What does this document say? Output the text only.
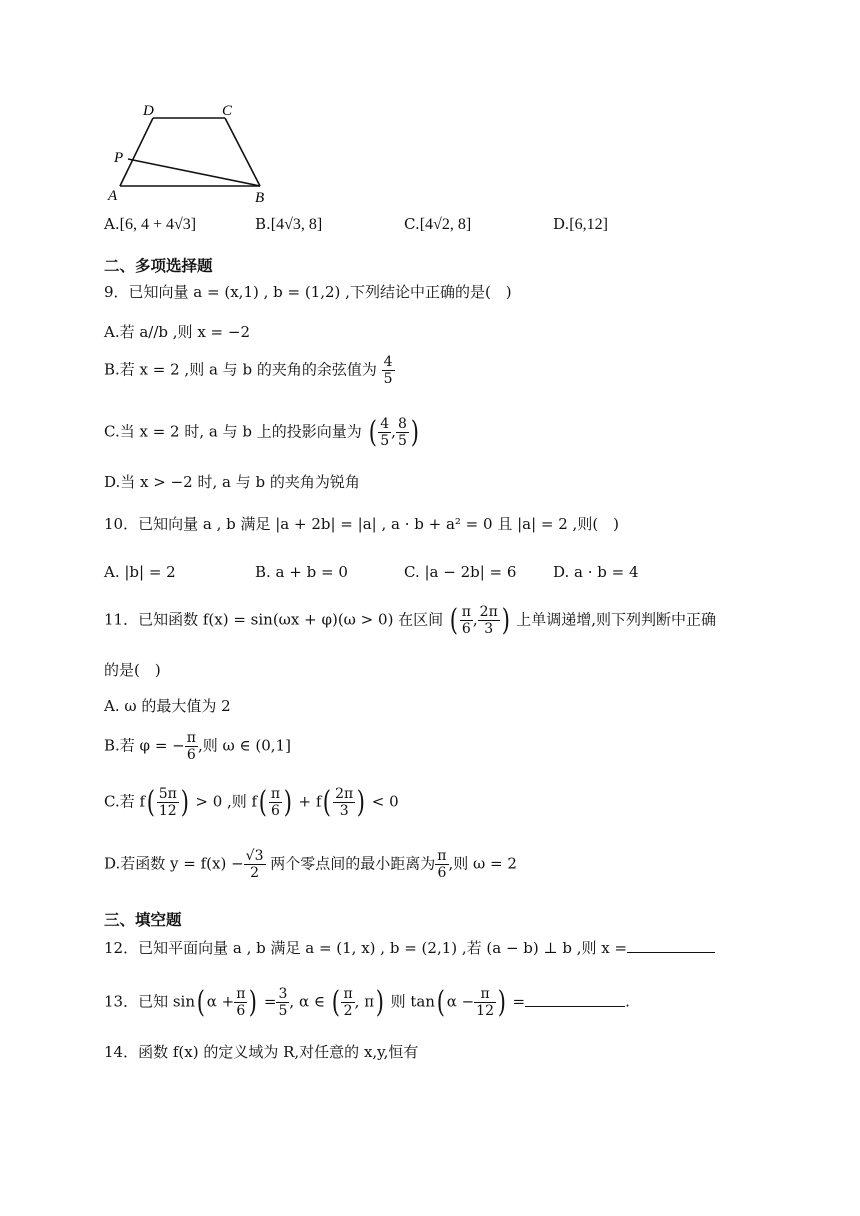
D	C
P
A	B
A.[6, 4 + 4√3]	B.[4√3, 8]	C.[4√2, 8]	D.[6,12]
二、多项选择题
9．已知向量 a = (x,1) , b = (1,2) ,下列结论中正确的是(　)
A.若 a//b ,则 x = −2
B.若 x = 2 ,则 a 与 b 的夹角的余弦值为 $\frac{4}{5}$
C.当 x = 2 时, a 与 b 上的投影向量为 ( $\frac{4}{5}$ , $\frac{8}{5}$ )
D.当 x > −2 时, a 与 b 的夹角为锐角
10．已知向量 a , b 满足 |a + 2b| = |a| , a · b + a² = 0 且 |a| = 2 ,则(　)
A. |b| = 2	B. a + b = 0	C. |a − 2b| = 6 D. a · b = 4
11．已知函数 f(x) = sin(ωx + φ)(ω > 0) 在区间 ( $\frac{\pi}{6}$ , $\frac{2\pi}{3}$ ) 上单调递增,则下列判断中正确
的是(　)
A. ω 的最大值为 2
B.若 φ = − $\frac{\pi}{6}$ ,则 ω ∈ (0,1]
C.若 $f( \frac{5\pi}{12}$ ) > 0 ,则 $f( \frac{\pi}{6}$ ) + $f( \frac{2\pi}{3}$ ) < 0
D.若函数 $y = f(x) - \frac{√3}{2}$ 两个零点间的最小距离为 $\frac{\pi}{6}$ ,则 ω = 2
三、填空题
12．已知平面向量 a , b 满足 a = (1, x) , b = (2,1) ,若 (a − b) ⊥ b ,则 x =
13．已知 sin( $\alpha + \frac{\pi}{6}$ ) = $\frac{3}{5}$ , α ∈ ( $\frac{\pi}{2}$ , π) 则 tan( $\alpha - \frac{\pi}{12}$ ) =	.
14．函数 f(x) 的定义域为 R,对任意的 x,y,恒有
